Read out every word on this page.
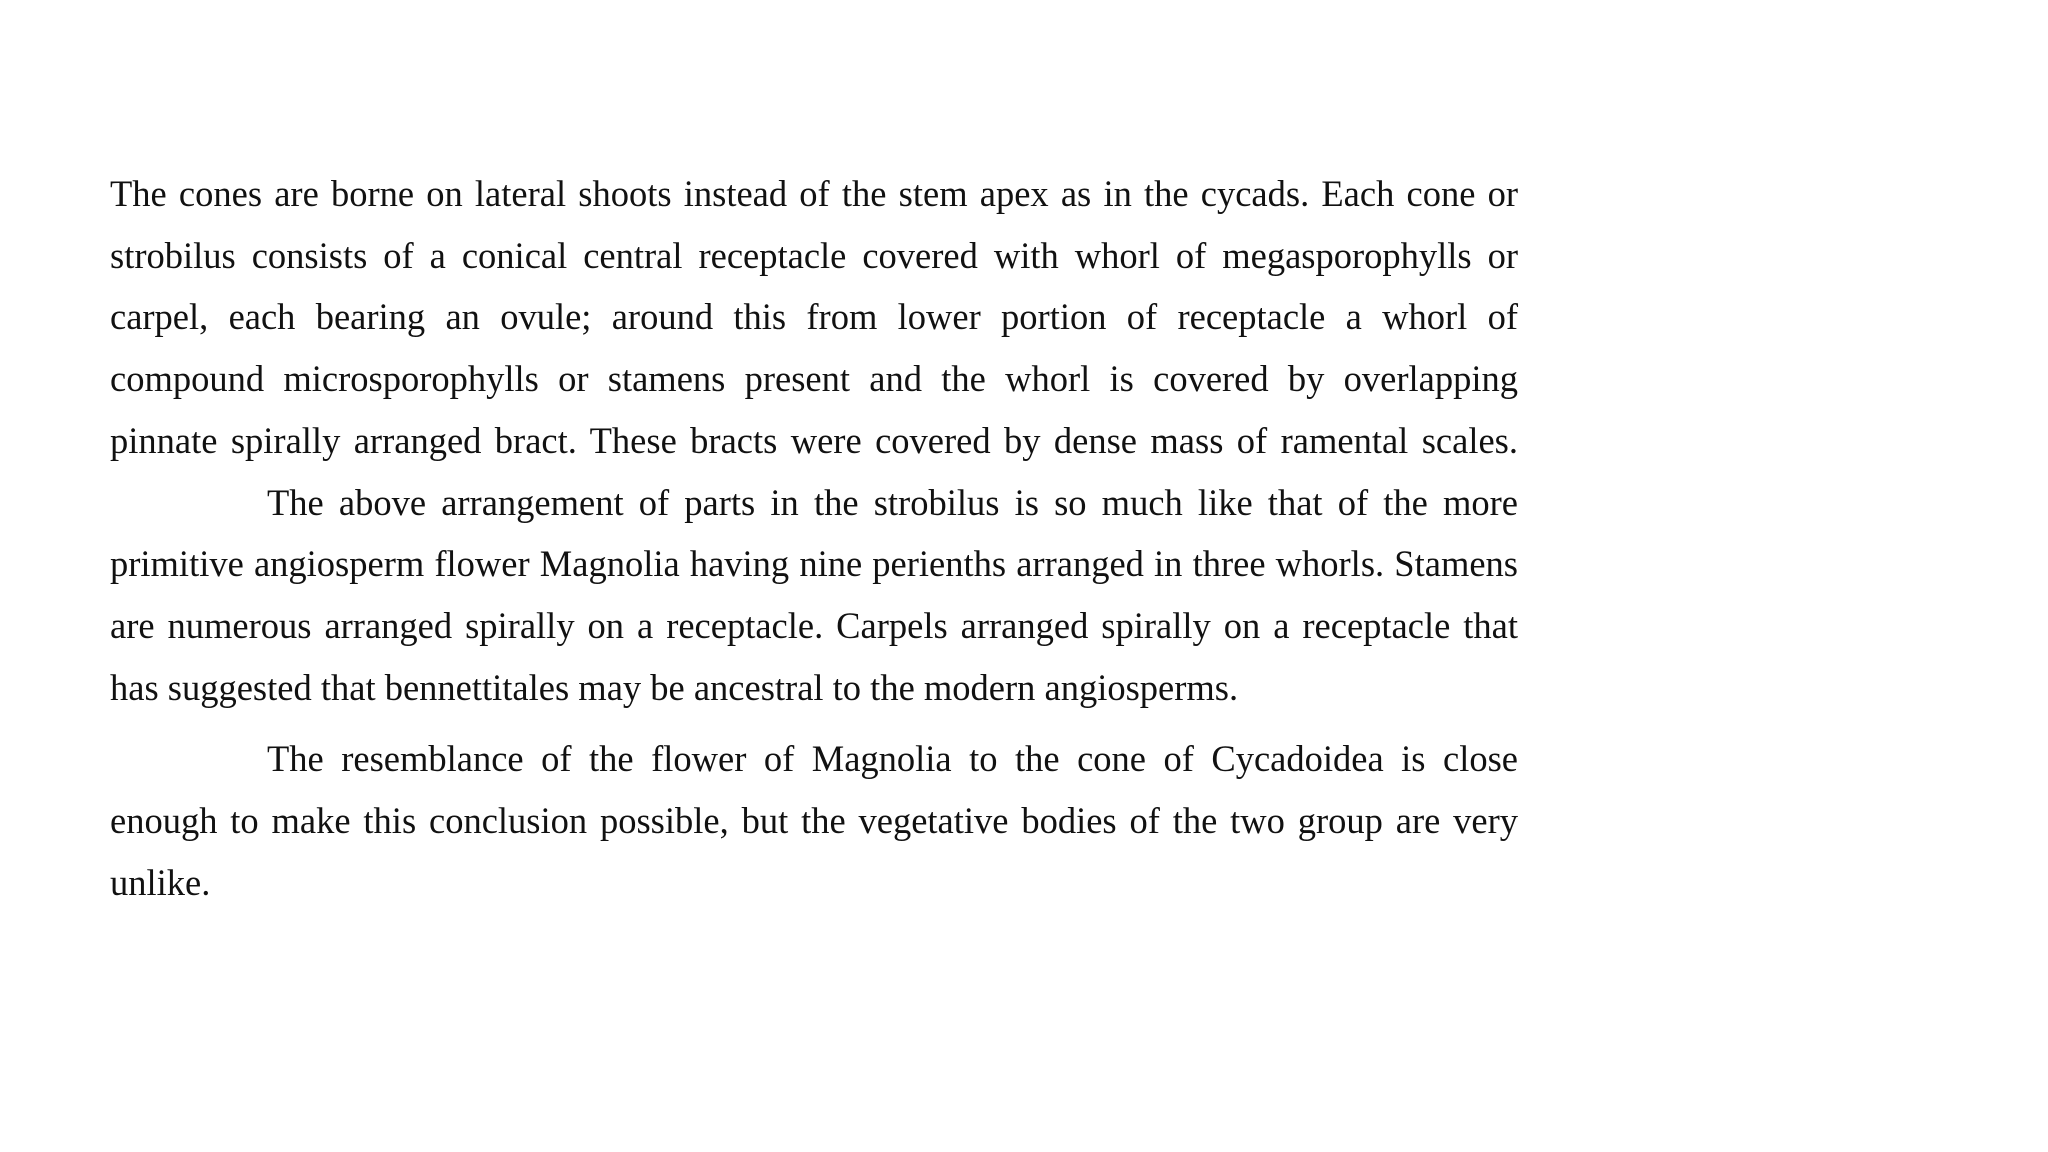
The cones are borne on lateral shoots instead of the stem apex as in the cycads. Each cone or strobilus consists of a conical central receptacle covered with whorl of megasporophylls or carpel, each bearing an ovule; around this from lower portion of receptacle a whorl of compound microsporophylls or stamens present and the whorl is covered by overlapping pinnate spirally arranged bract. These bracts were covered by dense mass of ramental scales.

The above arrangement of parts in the strobilus is so much like that of the more primitive angiosperm flower Magnolia having nine perienths arranged in three whorls. Stamens are numerous arranged spirally on a receptacle. Carpels arranged spirally on a receptacle that has suggested that bennettitales may be ancestral to the modern angiosperms.

The resemblance of the flower of Magnolia to the cone of Cycadoidea is close enough to make this conclusion possible, but the vegetative bodies of the two group are very unlike.
